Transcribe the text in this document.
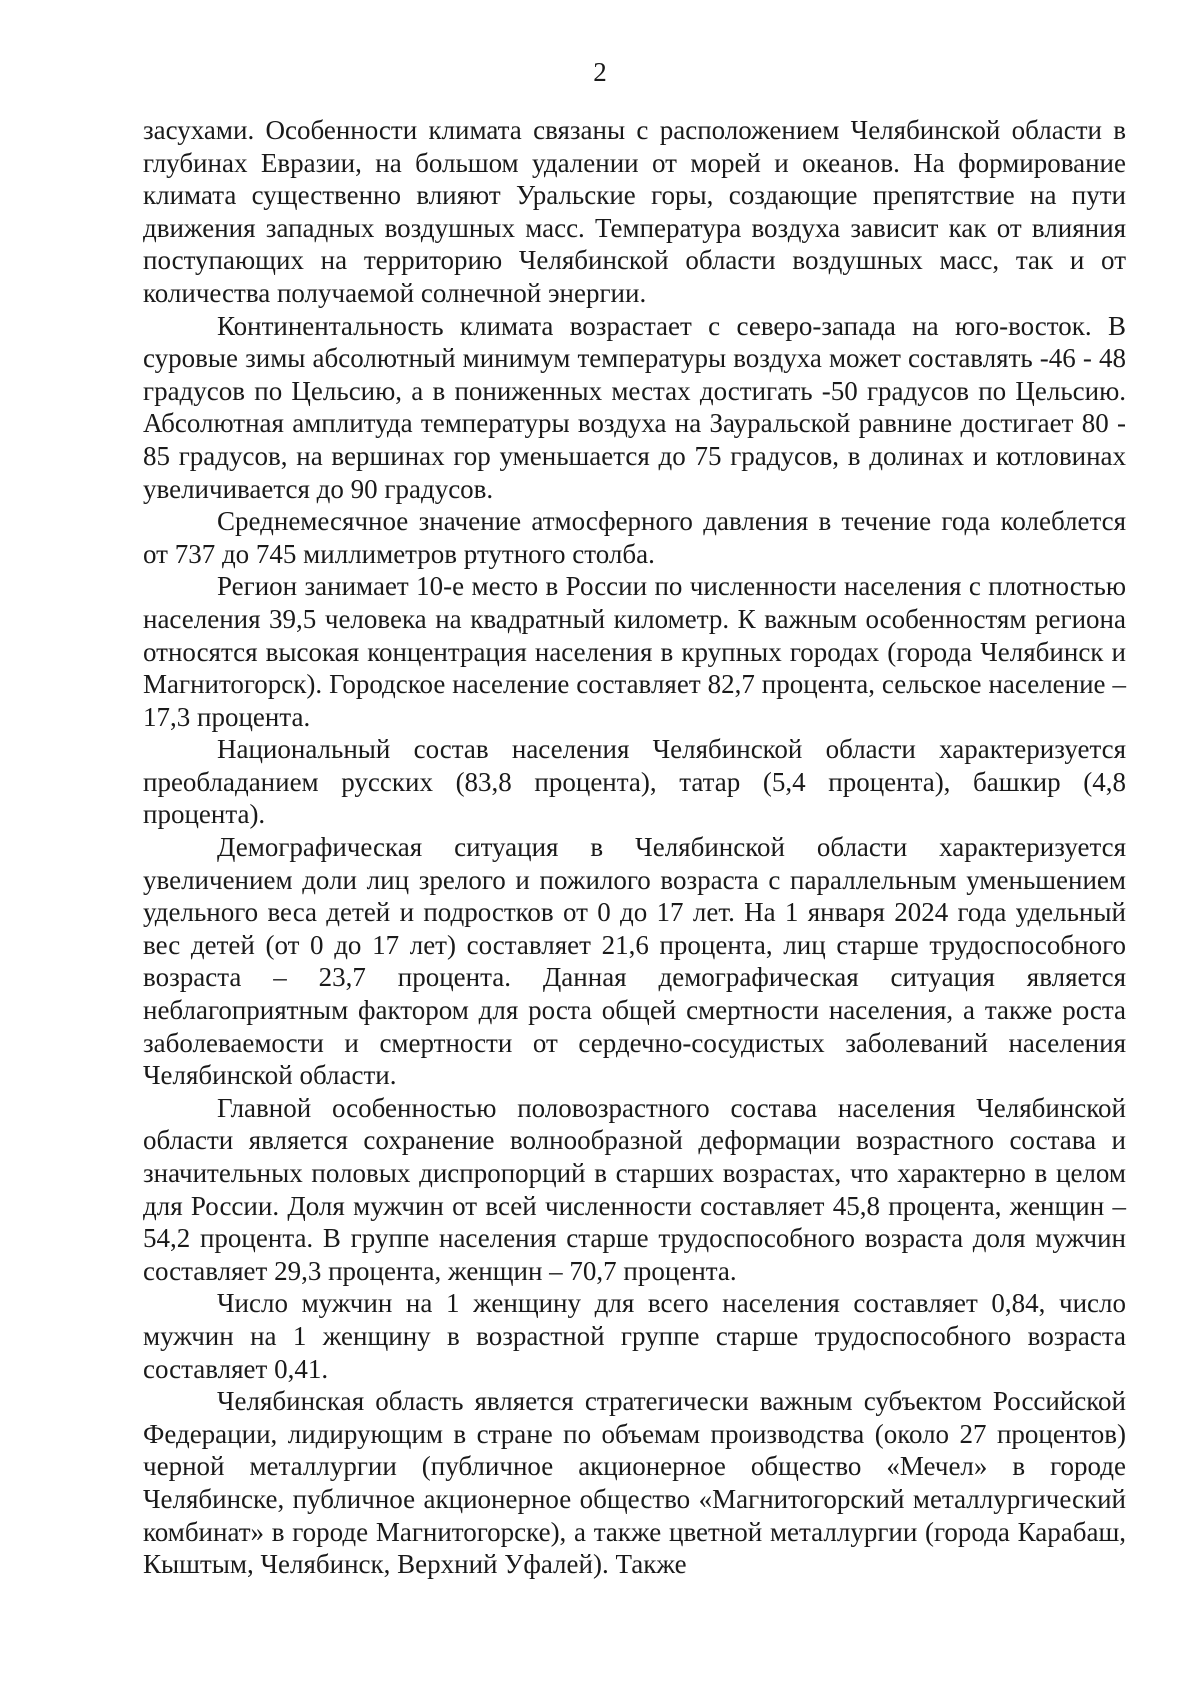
2

засухами. Особенности климата связаны с расположением Челябинской области в глубинах Евразии, на большом удалении от морей и океанов. На формирование климата существенно влияют Уральские горы, создающие препятствие на пути движения западных воздушных масс. Температура воздуха зависит как от влияния поступающих на территорию Челябинской области воздушных масс, так и от количества получаемой солнечной энергии.

Континентальность климата возрастает с северо-запада на юго-восток. В суровые зимы абсолютный минимум температуры воздуха может составлять -46 - 48 градусов по Цельсию, а в пониженных местах достигать -50 градусов по Цельсию. Абсолютная амплитуда температуры воздуха на Зауральской равнине достигает 80 - 85 градусов, на вершинах гор уменьшается до 75 градусов, в долинах и котловинах увеличивается до 90 градусов.

Среднемесячное значение атмосферного давления в течение года колеблется от 737 до 745 миллиметров ртутного столба.

Регион занимает 10-е место в России по численности населения с плотностью населения 39,5 человека на квадратный километр. К важным особенностям региона относятся высокая концентрация населения в крупных городах (города Челябинск и Магнитогорск). Городское население составляет 82,7 процента, сельское население – 17,3 процента.

Национальный состав населения Челябинской области характеризуется преобладанием русских (83,8 процента), татар (5,4 процента), башкир (4,8 процента).

Демографическая ситуация в Челябинской области характеризуется увеличением доли лиц зрелого и пожилого возраста с параллельным уменьшением удельного веса детей и подростков от 0 до 17 лет. На 1 января 2024 года удельный вес детей (от 0 до 17 лет) составляет 21,6 процента, лиц старше трудоспособного возраста – 23,7 процента. Данная демографическая ситуация является неблагоприятным фактором для роста общей смертности населения, а также роста заболеваемости и смертности от сердечно-сосудистых заболеваний населения Челябинской области.

Главной особенностью половозрастного состава населения Челябинской области является сохранение волнообразной деформации возрастного состава и значительных половых диспропорций в старших возрастах, что характерно в целом для России. Доля мужчин от всей численности составляет 45,8 процента, женщин – 54,2 процента. В группе населения старше трудоспособного возраста доля мужчин составляет 29,3 процента, женщин – 70,7 процента.

Число мужчин на 1 женщину для всего населения составляет 0,84, число мужчин на 1 женщину в возрастной группе старше трудоспособного возраста составляет 0,41.

Челябинская область является стратегически важным субъектом Российской Федерации, лидирующим в стране по объемам производства (около 27 процентов) черной металлургии (публичное акционерное общество «Мечел» в городе Челябинске, публичное акционерное общество «Магнитогорский металлургический комбинат» в городе Магнитогорске), а также цветной металлургии (города Карабаш, Кыштым, Челябинск, Верхний Уфалей). Также
